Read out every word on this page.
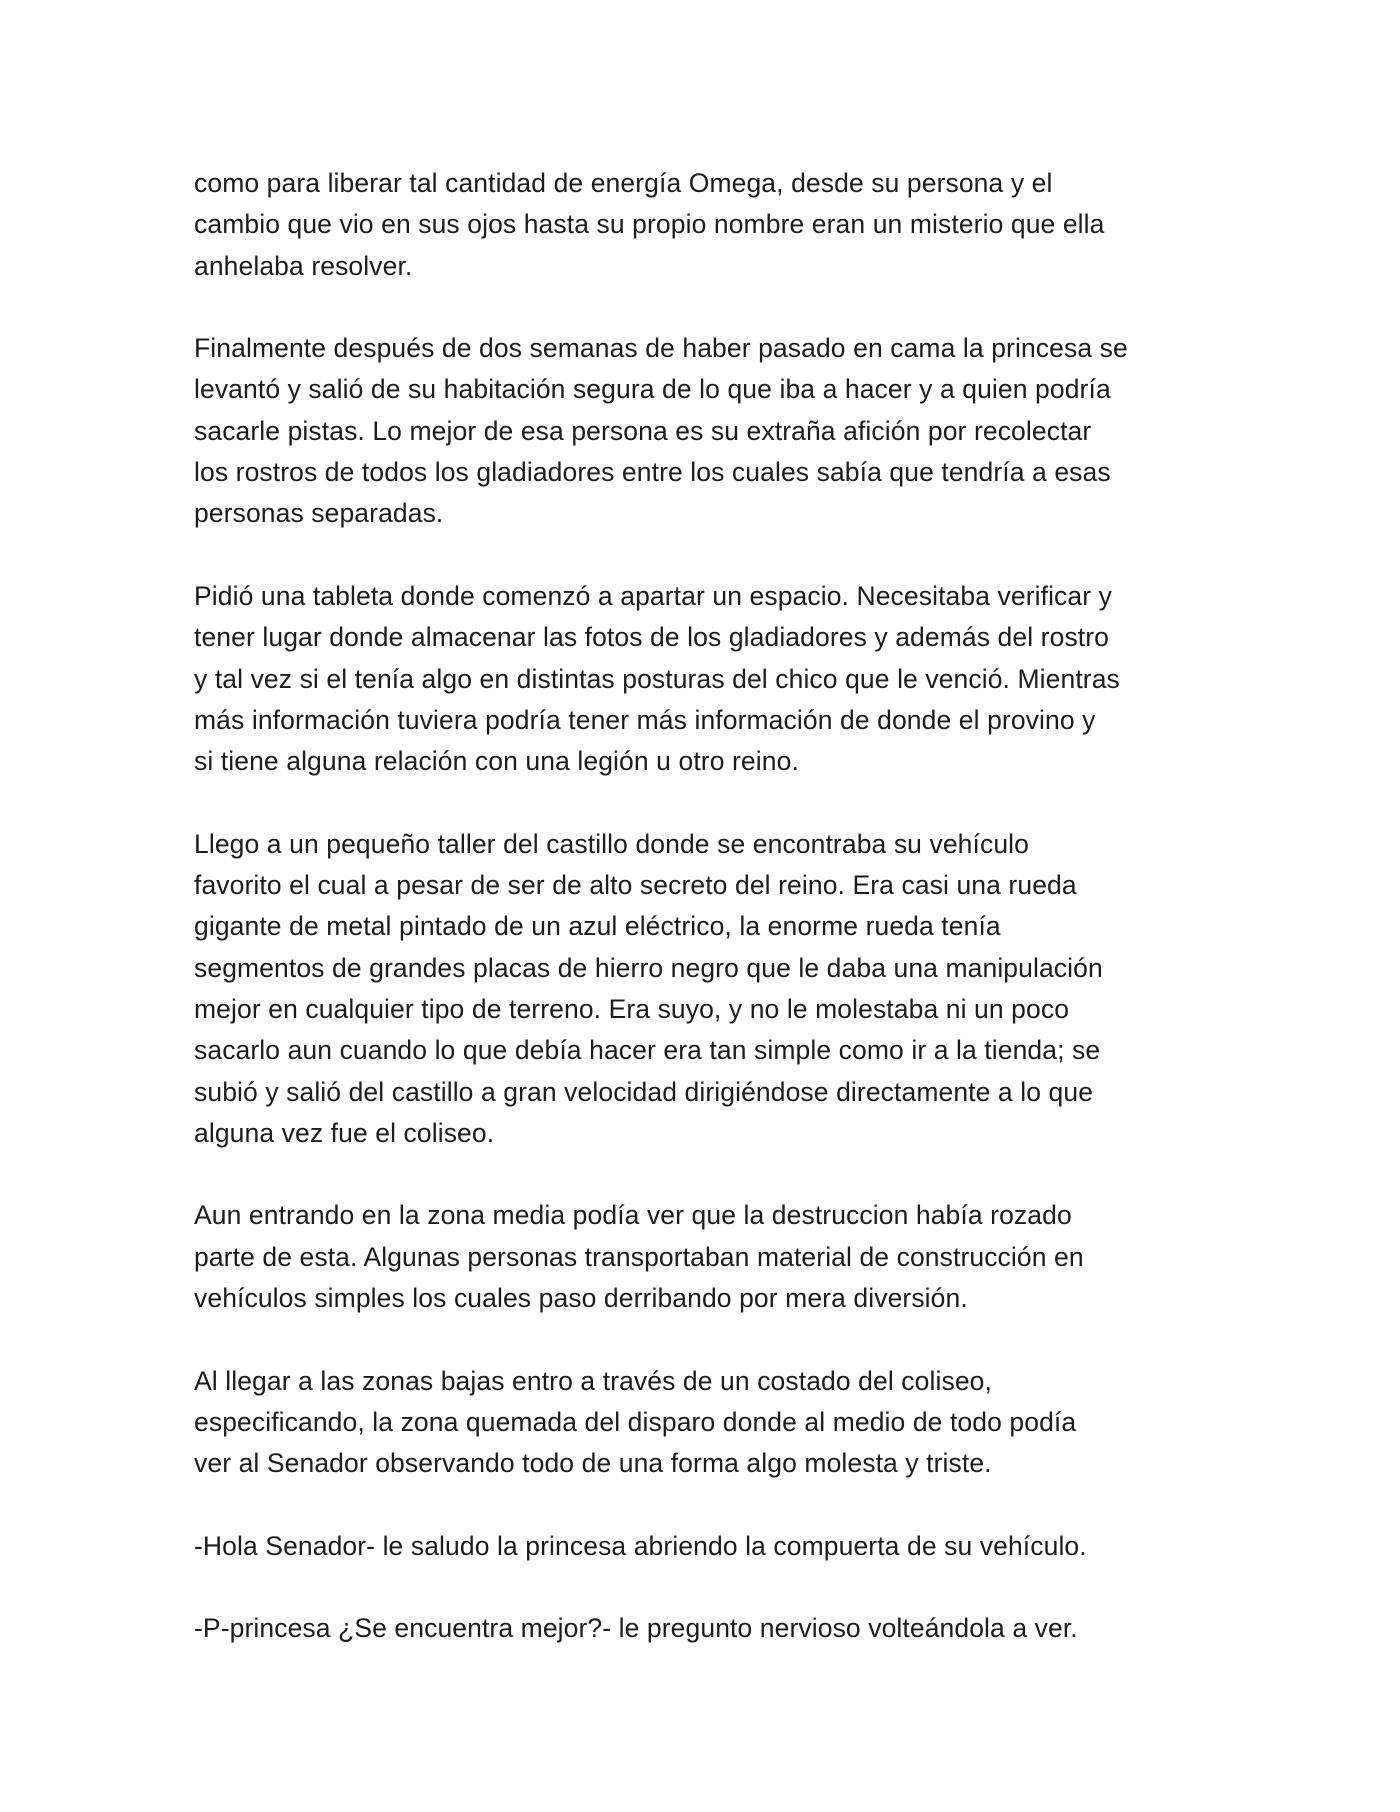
como para liberar tal cantidad de energía Omega, desde su persona y el
cambio que vio en sus ojos hasta su propio nombre eran un misterio que ella
anhelaba resolver.

Finalmente después de dos semanas de haber pasado en cama la princesa se
levantó y salió de su habitación segura de lo que iba a hacer y a quien podría
sacarle pistas. Lo mejor de esa persona es su extraña afición por recolectar
los rostros de todos los gladiadores entre los cuales sabía que tendría a esas
personas separadas.

Pidió una tableta donde comenzó a apartar un espacio. Necesitaba verificar y
tener lugar donde almacenar las fotos de los gladiadores y además del rostro
y tal vez si el tenía algo en distintas posturas del chico que le venció. Mientras
más información tuviera podría tener más información de donde el provino y
si tiene alguna relación con una legión u otro reino.

Llego a un pequeño taller del castillo donde se encontraba su vehículo
favorito el cual a pesar de ser de alto secreto del reino. Era casi una rueda
gigante de metal pintado de un azul eléctrico, la enorme rueda tenía
segmentos de grandes placas de hierro negro que le daba una manipulación
mejor en cualquier tipo de terreno. Era suyo, y no le molestaba ni un poco
sacarlo aun cuando lo que debía hacer era tan simple como ir a la tienda; se
subió y salió del castillo a gran velocidad dirigiéndose directamente a lo que
alguna vez fue el coliseo.

Aun entrando en la zona media podía ver que la destruccion había rozado
parte de esta. Algunas personas transportaban material de construcción en
vehículos simples los cuales paso derribando por mera diversión.

Al llegar a las zonas bajas entro a través de un costado del coliseo,
especificando, la zona quemada del disparo donde al medio de todo podía
ver al Senador observando todo de una forma algo molesta y triste.

-Hola Senador- le saludo la princesa abriendo la compuerta de su vehículo.

-P-princesa ¿Se encuentra mejor?- le pregunto nervioso volteándola a ver.
